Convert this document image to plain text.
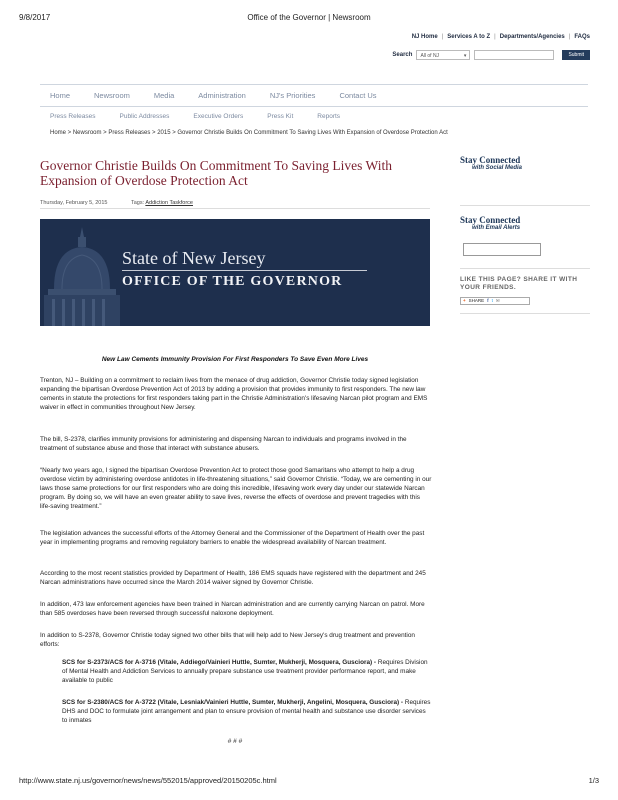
9/8/2017	Office of the Governor | Newsroom
NJ Home | Services A to Z | Departments/Agencies | FAQs
Search	All of NJ	▾	Submit
Home	Newsroom	Media	Administration	NJ's Priorities	Contact Us
Press Releases	Public Addresses	Executive Orders	Press Kit	Reports
Home > Newsroom > Press Releases > 2015 > Governor Christie Builds On Commitment To Saving Lives With Expansion of Overdose Protection Act
Governor Christie Builds On Commitment To Saving Lives With Expansion of Overdose Protection Act
Thursday, February 5, 2015	Tags: Addiction Taskforce
State of New Jersey
OFFICE OF THE GOVERNOR
New Law Cements Immunity Provision For First Responders To Save Even More Lives
Trenton, NJ – Building on a commitment to reclaim lives from the menace of drug addiction, Governor Christie today signed legislation expanding the bipartisan Overdose Prevention Act of 2013 by adding a provision that provides immunity to first responders. The new law cements in statute the protections for first responders taking part in the Christie Administration's lifesaving Narcan pilot program and EMS waiver in effect in communities throughout New Jersey.
The bill, S-2378, clarifies immunity provisions for administering and dispensing Narcan to individuals and programs involved in the treatment of substance abuse and those that interact with substance abusers.
“Nearly two years ago, I signed the bipartisan Overdose Prevention Act to protect those good Samaritans who attempt to help a drug overdose victim by administering overdose antidotes in life-threatening situations,” said Governor Christie. “Today, we are cementing in our laws those same protections for our first responders who are doing this incredible, lifesaving work every day under our statewide Narcan program. By doing so, we will have an even greater ability to save lives, reverse the effects of overdose and prevent tragedies with this life-saving treatment.”
The legislation advances the successful efforts of the Attorney General and the Commissioner of the Department of Health over the past year in implementing programs and removing regulatory barriers to enable the widespread availability of Narcan treatment.
According to the most recent statistics provided by Department of Health, 186 EMS squads have registered with the department and 245 Narcan administrations have occurred since the March 2014 waiver signed by Governor Christie.
In addition, 473 law enforcement agencies have been trained in Narcan administration and are currently carrying Narcan on patrol. More than 585 overdoses have been reversed through successful naloxone deployment.
In addition to S-2378, Governor Christie today signed two other bills that will help add to New Jersey's drug treatment and prevention efforts:
SCS for S-2373/ACS for A-3716 (Vitale, Addiego/Vainieri Huttle, Sumter, Mukherji, Mosquera, Gusciora) - Requires Division of Mental Health and Addiction Services to annually prepare substance use treatment provider performance report, and make available to public
SCS for S-2380/ACS for A-3722 (Vitale, Lesniak/Vainieri Huttle, Sumter, Mukherji, Angelini, Mosquera, Gusciora) - Requires DHS and DOC to formulate joint arrangement and plan to ensure provision of mental health and substance use disorder services to inmates
# # #
Stay Connected
with Social Media
Stay Connected
with Email Alerts
LIKE THIS PAGE? SHARE IT WITH YOUR FRIENDS.
+ SHARE f t ✉
http://www.state.nj.us/governor/news/news/552015/approved/20150205c.html	1/3
